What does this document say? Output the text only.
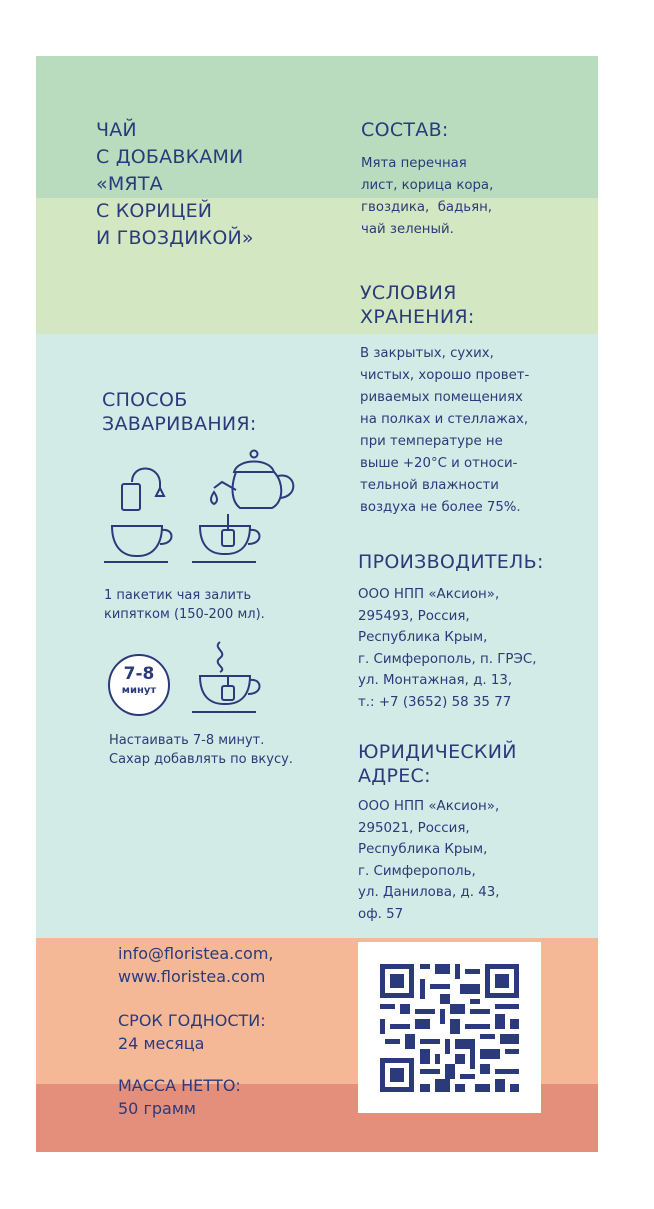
ЧАЙ
С ДОБАВКАМИ
«МЯТА
С КОРИЦЕЙ
И ГВОЗДИКОЙ»

СОСТАВ:

Мята перечная
лист, корица кора,
гвоздика,  бадьян,
чай зеленый.

УСЛОВИЯ
ХРАНЕНИЯ:

В закрытых, сухих,
чистых, хорошо провет-
риваемых помещениях
на полках и стеллажах,
при температуре не
выше +20°С и относи-
тельной влажности
воздуха не более 75%.

СПОСОБ
ЗАВАРИВАНИЯ:

1 пакетик чая залить
кипятком (150-200 мл).

7-8

минут

Настаивать 7-8 минут.
Сахар добавлять по вкусу.

ПРОИЗВОДИТЕЛЬ:

ООО НПП «Аксион»,
295493, Россия,
Республика Крым,
г. Симферополь, п. ГРЭС,
ул. Монтажная, д. 13,
т.: +7 (3652) 58 35 77

ЮРИДИЧЕСКИЙ
АДРЕС:

ООО НПП «Аксион»,
295021, Россия,
Республика Крым,
г. Симферополь,
ул. Данилова, д. 43,
оф. 57

info@floristea.com,
www.floristea.com

СРОК ГОДНОСТИ:

24 месяца

МАССА НЕТТО:

50 грамм
